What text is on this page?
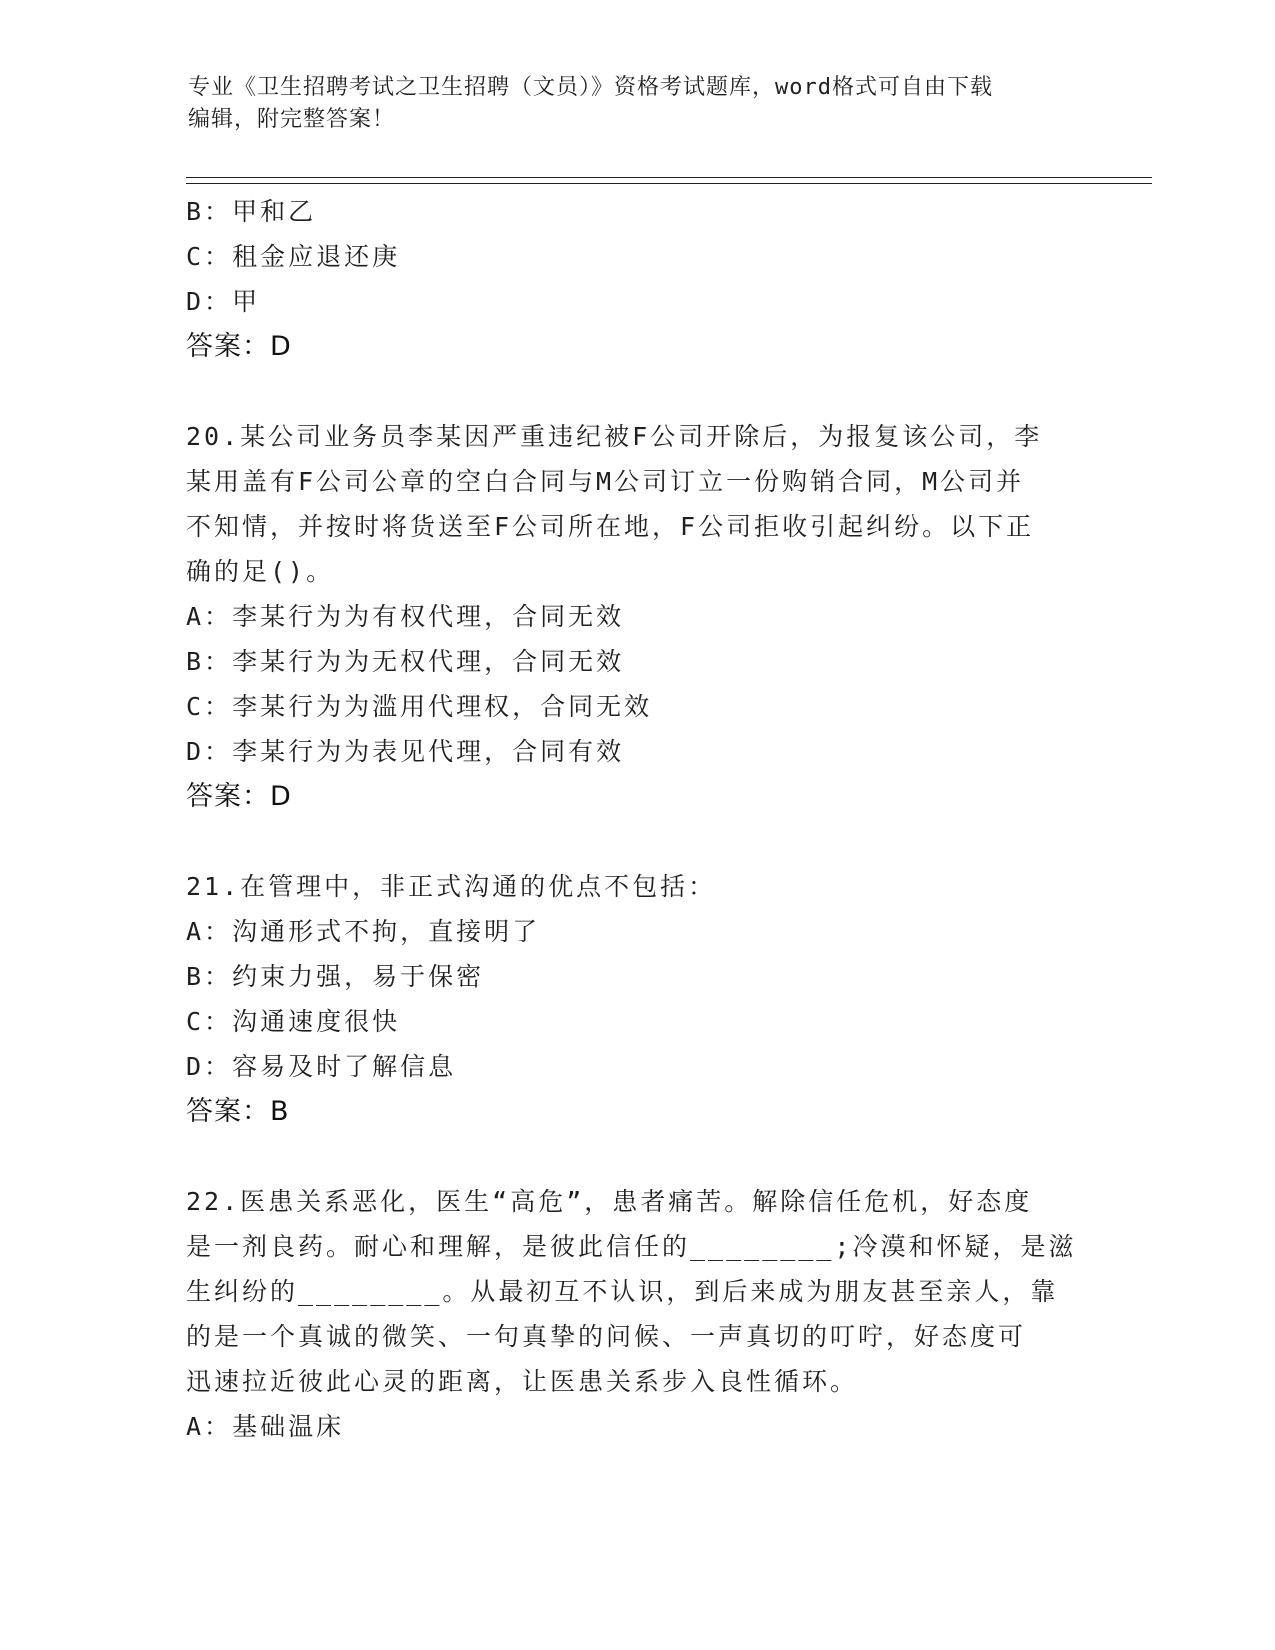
专业《卫生招聘考试之卫生招聘（文员）》资格考试题库，word格式可自由下载
编辑，附完整答案！
B：甲和乙
C：租金应退还庚
D：甲
答案：D
20.某公司业务员李某因严重违纪被F公司开除后，为报复该公司，李
某用盖有F公司公章的空白合同与M公司订立一份购销合同，M公司并
不知情，并按时将货送至F公司所在地，F公司拒收引起纠纷。以下正
确的足()。
A：李某行为为有权代理，合同无效
B：李某行为为无权代理，合同无效
C：李某行为为滥用代理权，合同无效
D：李某行为为表见代理，合同有效
答案：D
21.在管理中，非正式沟通的优点不包括：
A：沟通形式不拘，直接明了
B：约束力强，易于保密
C：沟通速度很快
D：容易及时了解信息
答案：B
22.医患关系恶化，医生“高危”，患者痛苦。解除信任危机，好态度
是一剂良药。耐心和理解，是彼此信任的________;冷漠和怀疑，是滋
生纠纷的________。从最初互不认识，到后来成为朋友甚至亲人，靠
的是一个真诚的微笑、一句真挚的问候、一声真切的叮咛，好态度可
迅速拉近彼此心灵的距离，让医患关系步入良性循环。
A：基础温床
